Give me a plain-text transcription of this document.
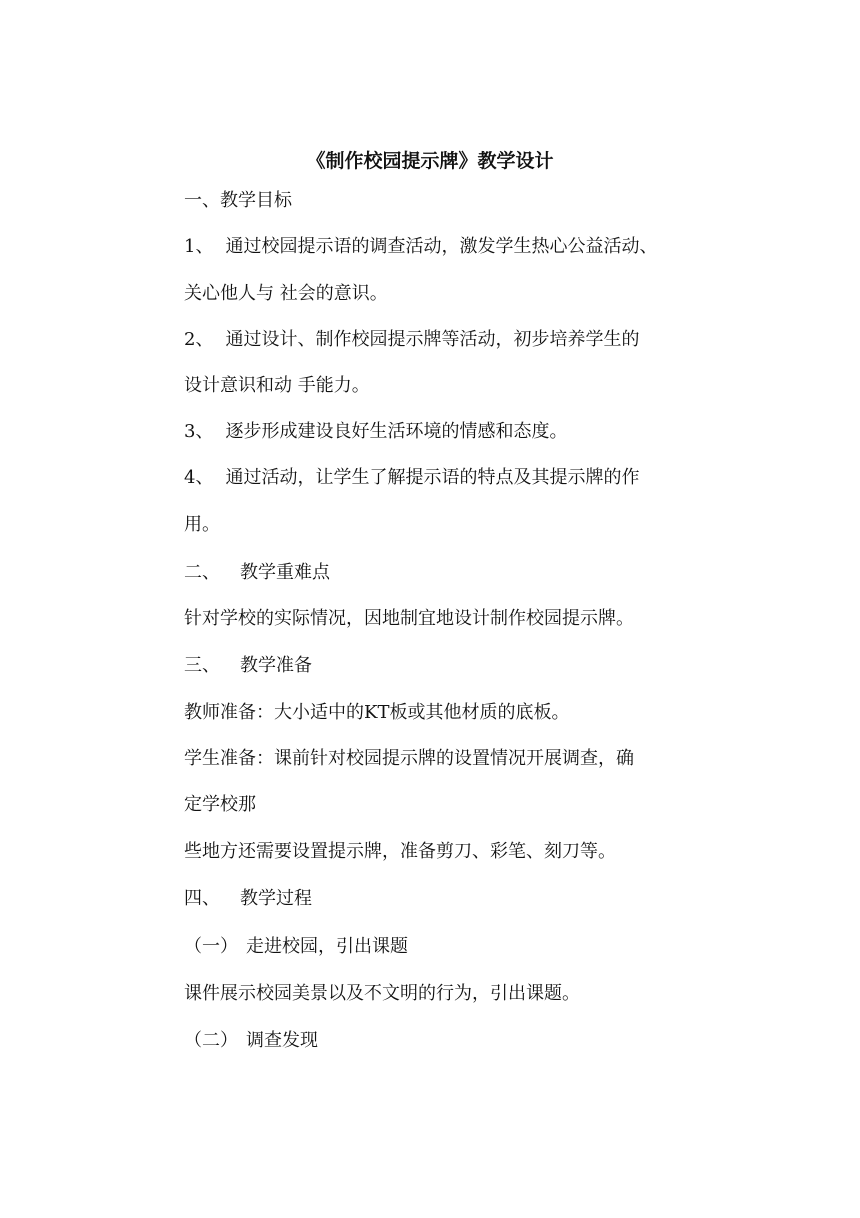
《制作校园提示牌》教学设计
一、教学目标
1、 通过校园提示语的调查活动，激发学生热心公益活动、
关心他人与 社会的意识。
2、 通过设计、制作校园提示牌等活动，初步培养学生的
设计意识和动 手能力。
3、 逐步形成建设良好生活环境的情感和态度。
4、 通过活动，让学生了解提示语的特点及其提示牌的作
用。
二、 教学重难点
针对学校的实际情况，因地制宜地设计制作校园提示牌。
三、 教学准备
教师准备：大小适中的KT板或其他材质的底板。
学生准备：课前针对校园提示牌的设置情况开展调查，确
定学校那
些地方还需要设置提示牌，准备剪刀、彩笔、刻刀等。
四、 教学过程
（一） 走进校园，引出课题
课件展示校园美景以及不文明的行为，引出课题。
（二） 调查发现
